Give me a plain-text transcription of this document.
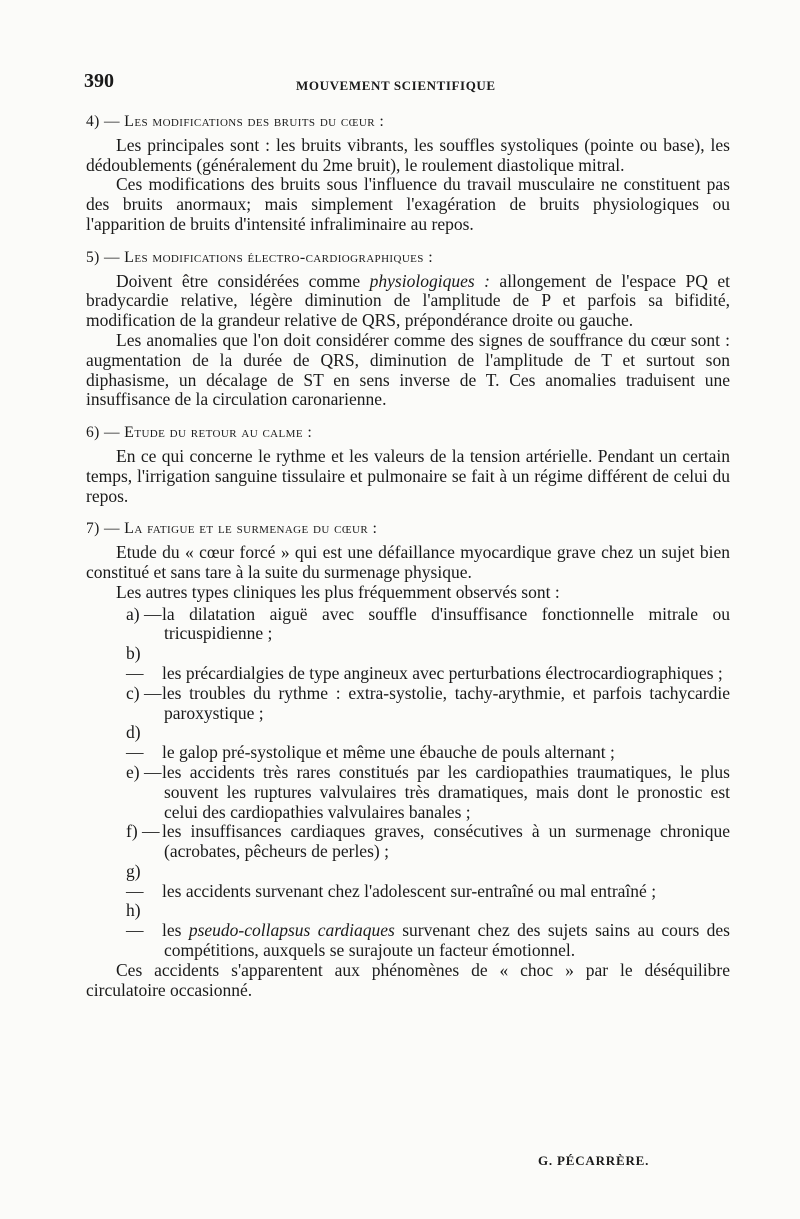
390	MOUVEMENT SCIENTIFIQUE
4) — Les modifications des bruits du cœur :

Les principales sont : les bruits vibrants, les souffles systoliques (pointe ou base), les dédoublements (généralement du 2me bruit), le roulement diastolique mitral.

Ces modifications des bruits sous l'influence du travail musculaire ne constituent pas des bruits anormaux; mais simplement l'exagération de bruits physiologiques ou l'apparition de bruits d'intensité infraliminaire au repos.

5) — Les modifications électro-cardiographiques :

Doivent être considérées comme physiologiques : allongement de l'espace PQ et bradycardie relative, légère diminution de l'amplitude de P et parfois sa bifidité, modification de la grandeur relative de QRS, prépondérance droite ou gauche.

Les anomalies que l'on doit considérer comme des signes de souffrance du cœur sont : augmentation de la durée de QRS, diminution de l'amplitude de T et surtout son diphasisme, un décalage de ST en sens inverse de T. Ces anomalies traduisent une insuffisance de la circulation caronarienne.

6) — Etude du retour au calme :

En ce qui concerne le rythme et les valeurs de la tension artérielle. Pendant un certain temps, l'irrigation sanguine tissulaire et pulmonaire se fait à un régime différent de celui du repos.

7) — La fatigue et le surmenage du cœur :

Etude du « cœur forcé » qui est une défaillance myocardique grave chez un sujet bien constitué et sans tare à la suite du surmenage physique.

Les autres types cliniques les plus fréquemment observés sont :

a) —la dilatation aiguë avec souffle d'insuffisance fonctionnelle mitrale ou tricuspidienne ;
b) — les précardialgies de type angineux avec perturbations électrocardiographiques ;
c) —les troubles du rythme : extra-systolie, tachy-arythmie, et parfois tachycardie paroxystique ;
d) — le galop pré-systolique et même une ébauche de pouls alternant ;
e) —les accidents très rares constitués par les cardiopathies traumatiques, le plus souvent les ruptures valvulaires très dramatiques, mais dont le pronostic est celui des cardiopathies valvulaires banales ;
f) — les insuffisances cardiaques graves, consécutives à un surmenage chronique (acrobates, pêcheurs de perles) ;
g) — les accidents survenant chez l'adolescent sur-entraîné ou mal entraîné ;
h) — les pseudo-collapsus cardiaques survenant chez des sujets sains au cours des compétitions, auxquels se surajoute un facteur émotionnel.

Ces accidents s'apparentent aux phénomènes de « choc » par le déséquilibre circulatoire occasionné.

G. PÉCARRÈRE.
